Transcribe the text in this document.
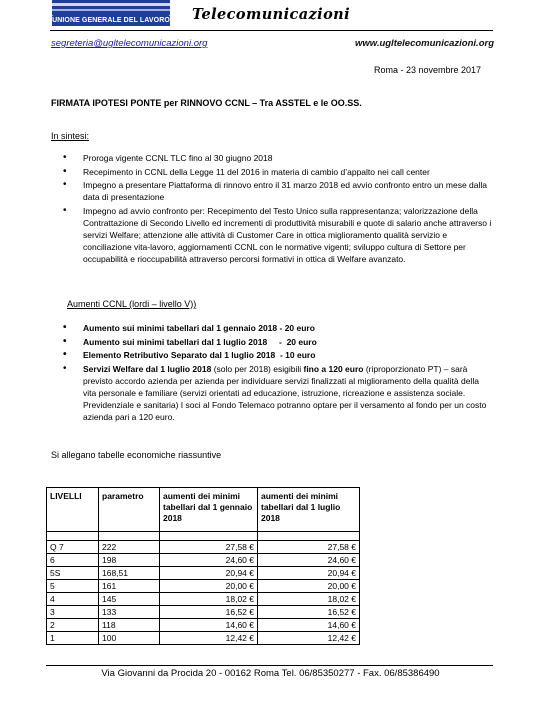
UNIONE GENERALE DEL LAVORO Telecomunicazioni
segreteria@ugltelecomunicazioni.org	www.ugltelecomunicazioni.org
Roma - 23 novembre 2017
FIRMATA IPOTESI PONTE per RINNOVO CCNL – Tra ASSTEL e le OO.SS.
In sintesi:
• Proroga vigente CCNL TLC fino al 30 giugno 2018
• Recepimento in CCNL della Legge 11 del 2016 in materia di cambio d’appalto nei call center
• Impegno a presentare Piattaforma di rinnovo entro il 31 marzo 2018 ed avvio confronto entro un mese dalla data di presentazione
• Impegno ad avvio confronto per: Recepimento del Testo Unico sulla rappresentanza; valorizzazione della Contrattazione di Secondo Livello ed incrementi di produttività misurabili e quote di salario anche attraverso i servizi Welfare; attenzione alle attività di Customer Care in ottica miglioramento qualità servizio e conciliazione vita-lavoro, aggiornamenti CCNL con le normative vigenti; sviluppo cultura di Settore per occupabilità e rioccupabilità attraverso percorsi formativi in ottica di Welfare avanzato.
Aumenti CCNL (lordi – livello V))
• Aumento sui minimi tabellari dal 1 gennaio 2018 - 20 euro
• Aumento sui minimi tabellari dal 1 luglio 2018     -  20 euro
• Elemento Retributivo Separato dal 1 luglio 2018  - 10 euro
• Servizi Welfare dal 1 luglio 2018 (solo per 2018) esigibili fino a 120 euro (riproporzionato PT) – sarà previsto accordo azienda per azienda per individuare servizi finalizzati al miglioramento della qualità della vita personale e familiare (servizi orientati ad educazione, istruzione, ricreazione e assistenza sociale. Previdenziale e sanitaria) I soci al Fondo Telemaco potranno optare per il versamento al fondo per un costo azienda pari a 120 euro.
Si allegano tabelle economiche riassuntive
LIVELLI	parametro	aumenti dei minimi tabellari dal 1 gennaio 2018	aumenti dei minimi tabellari dal 1 luglio 2018

Q 7	222	27,58 €	27,58 €
6	198	24,60 €	24,60 €
5S	168,51	20,94 €	20,94 €
5	161	20,00 €	20,00 €
4	145	18,02 €	18,02 €
3	133	16,52 €	16,52 €
2	118	14,60 €	14,60 €
1	100	12,42 €	12,42 €
Via Giovanni da Procida 20 - 00162 Roma Tel. 06/85350277 - Fax. 06/85386490
